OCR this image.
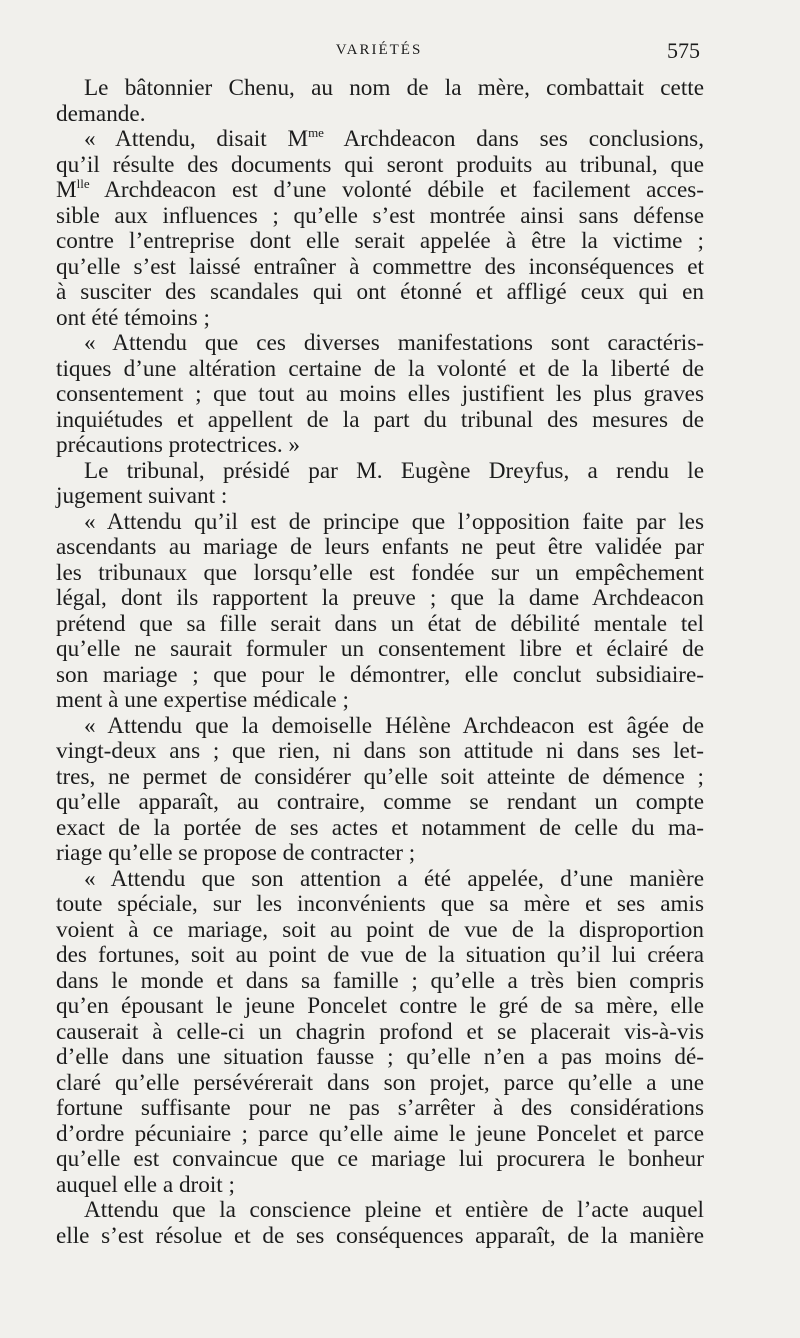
VARIÉTÉS	575
Le bâtonnier Chenu, au nom de la mère, combattait cette
demande.
« Attendu, disait $M^{me}$ Archdeacon dans ses conclusions,
qu’il résulte des documents qui seront produits au tribunal, que
$M^{lle}$ Archdeacon est d’une volonté débile et facilement acces-
sible aux influences ; qu’elle s’est montrée ainsi sans défense
contre l’entreprise dont elle serait appelée à être la victime ;
qu’elle s’est laissé entraîner à commettre des inconséquences et
à susciter des scandales qui ont étonné et affligé ceux qui en
ont été témoins ;
« Attendu que ces diverses manifestations sont caractéris-
tiques d’une altération certaine de la volonté et de la liberté de
consentement ; que tout au moins elles justifient les plus graves
inquiétudes et appellent de la part du tribunal des mesures de
précautions protectrices. »
Le tribunal, présidé par M. Eugène Dreyfus, a rendu le
jugement suivant :
« Attendu qu’il est de principe que l’opposition faite par les
ascendants au mariage de leurs enfants ne peut être validée par
les tribunaux que lorsqu’elle est fondée sur un empêchement
légal, dont ils rapportent la preuve ; que la dame Archdeacon
prétend que sa fille serait dans un état de débilité mentale tel
qu’elle ne saurait formuler un consentement libre et éclairé de
son mariage ; que pour le démontrer, elle conclut subsidiaire-
ment à une expertise médicale ;
« Attendu que la demoiselle Hélène Archdeacon est âgée de
vingt-deux ans ; que rien, ni dans son attitude ni dans ses let-
tres, ne permet de considérer qu’elle soit atteinte de démence ;
qu’elle apparaît, au contraire, comme se rendant un compte
exact de la portée de ses actes et notamment de celle du ma-
riage qu’elle se propose de contracter ;
« Attendu que son attention a été appelée, d’une manière
toute spéciale, sur les inconvénients que sa mère et ses amis
voient à ce mariage, soit au point de vue de la disproportion
des fortunes, soit au point de vue de la situation qu’il lui créera
dans le monde et dans sa famille ; qu’elle a très bien compris
qu’en épousant le jeune Poncelet contre le gré de sa mère, elle
causerait à celle-ci un chagrin profond et se placerait vis-à-vis
d’elle dans une situation fausse ; qu’elle n’en a pas moins dé-
claré qu’elle persévérerait dans son projet, parce qu’elle a une
fortune suffisante pour ne pas s’arrêter à des considérations
d’ordre pécuniaire ; parce qu’elle aime le jeune Poncelet et parce
qu’elle est convaincue que ce mariage lui procurera le bonheur
auquel elle a droit ;
Attendu que la conscience pleine et entière de l’acte auquel
elle s’est résolue et de ses conséquences apparaît, de la manière
